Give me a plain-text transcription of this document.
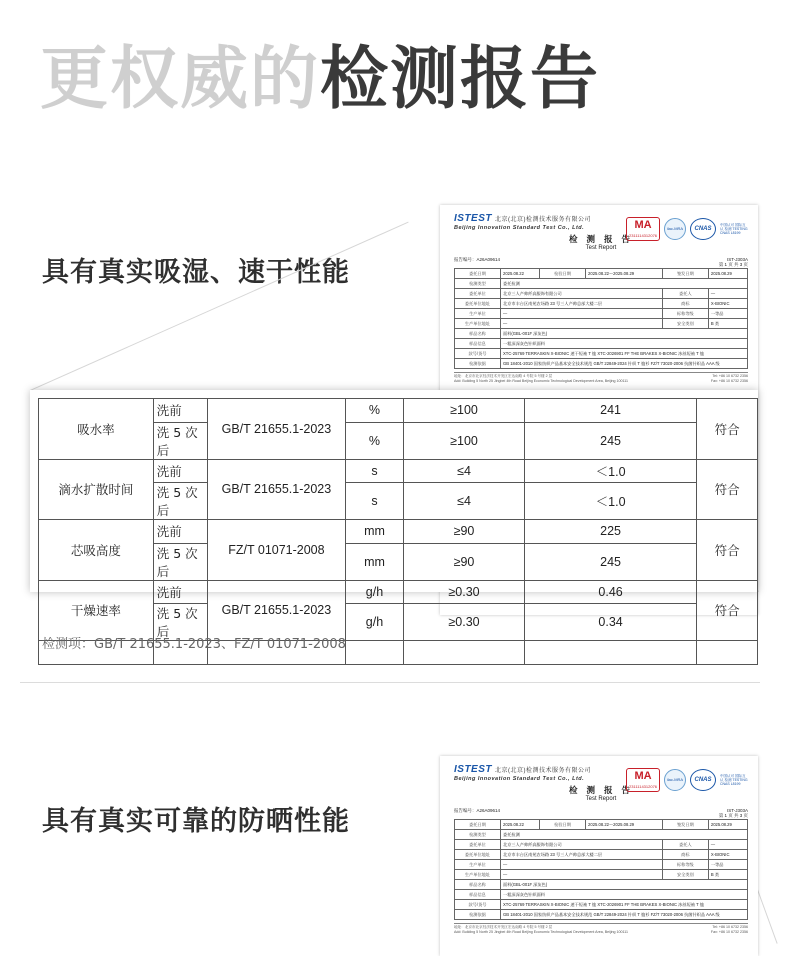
更权威的检测报告
具有真实吸湿、速干性能
ISTEST 北京(北京)检测技术服务有限公司
Beijing Innovation Standard Test Co., Ltd.
检 测 报 告
Test Report
MA
2311114312076
ilac-MRA	CNAS
中国认可 国际互认 检测 TESTING CNAS L8199
报告编号：A26A09614	IST-J303A
第 1 页 共 3 页
委托日期	2025.08.22	检验日期	2025.08.22～2025.08.29	签发日期	2025.08.29
检测类型	委托检测				
委托单位	北京三人产帅纤高服饰有限公司			委托人	—
委托单位地址	北京市丰台区南苑农场路 23 号三人产帅总部大楼二层			商标	X-BIONIC
生产单位	—			标称等级	一等品
生产单位地址	—			安全类别	B 类
样品名称	面料(GBL-001F 深灰色)				
样品信息	一粗深深灰色针织面料				
款号/货号	XTC-25769 TERRASKIN X-BIONIC 速干短袖 T 恤 XTC-2026901 FF THE BRAKES X-BIONIC 冰丝短袖 T 恤				
检测依据	GB 18401-2010 国家纺织产品基本安全技术规范 GB/T 22849-2024 针织 T 恤衫 FZ/T 73020-2006 抗菌针织品 AAA 级				
地址：北京市北京经济技术开发区宏达南路 4 号院 5 号楼 2 层	Tel: +86 10 6732 2356
Add: Building 5 North 25 Jingbei 4th Road Beijing Economic Technological Development Area, Beijing 100111	Fax: +86 10 6732 2356
吸水率	洗前	GB/T 21655.1-2023	%	≥100	241	符合
	洗 5 次后		%	≥100	245	
滴水扩散时间	洗前	GB/T 21655.1-2023	s	≤4	＜1.0	符合
	洗 5 次后		s	≤4	＜1.0	
芯吸高度	洗前	FZ/T 01071-2008	mm	≥90	225	符合
	洗 5 次后		mm	≥90	245	
干燥速率	洗前	GB/T 21655.1-2023	g/h	≥0.30	0.46	符合
	洗 5 次后		g/h	≥0.30	0.34	

检测项：GB/T 21655.1-2023、FZ/T 01071-2008
具有真实可靠的防晒性能
ISTEST 北京(北京)检测技术服务有限公司
Beijing Innovation Standard Test Co., Ltd.
检 测 报 告
Test Report
MA
2311114312076
ilac-MRA	CNAS
中国认可 国际互认 检测 TESTING CNAS L8199
报告编号：A26A09614	IST-J303A
第 1 页 共 3 页
委托日期	2025.08.22	检验日期	2025.08.22～2025.08.29	签发日期	2025.08.29
检测类型	委托检测				
委托单位	北京三人产帅纤高服饰有限公司			委托人	—
委托单位地址	北京市丰台区南苑农场路 23 号三人产帅总部大楼二层			商标	X-BIONIC
生产单位	—			标称等级	一等品
生产单位地址	—			安全类别	B 类
样品名称	面料(GBL-001F 深灰色)				
样品信息	一粗深深灰色针织面料				
款号/货号	XTC-25769 TERRASKIN X-BIONIC 速干短袖 T 恤 XTC-2026901 FF THE BRAKES X-BIONIC 冰丝短袖 T 恤				
检测依据	GB 18401-2010 国家纺织产品基本安全技术规范 GB/T 22849-2024 针织 T 恤衫 FZ/T 73020-2006 抗菌针织品 AAA 级				
地址：北京市北京经济技术开发区宏达南路 4 号院 5 号楼 2 层	Tel: +86 10 6732 2356
Add: Building 5 North 25 Jingbei 4th Road Beijing Economic Technological Development Area, Beijing 100111	Fax: +86 10 6732 2356
